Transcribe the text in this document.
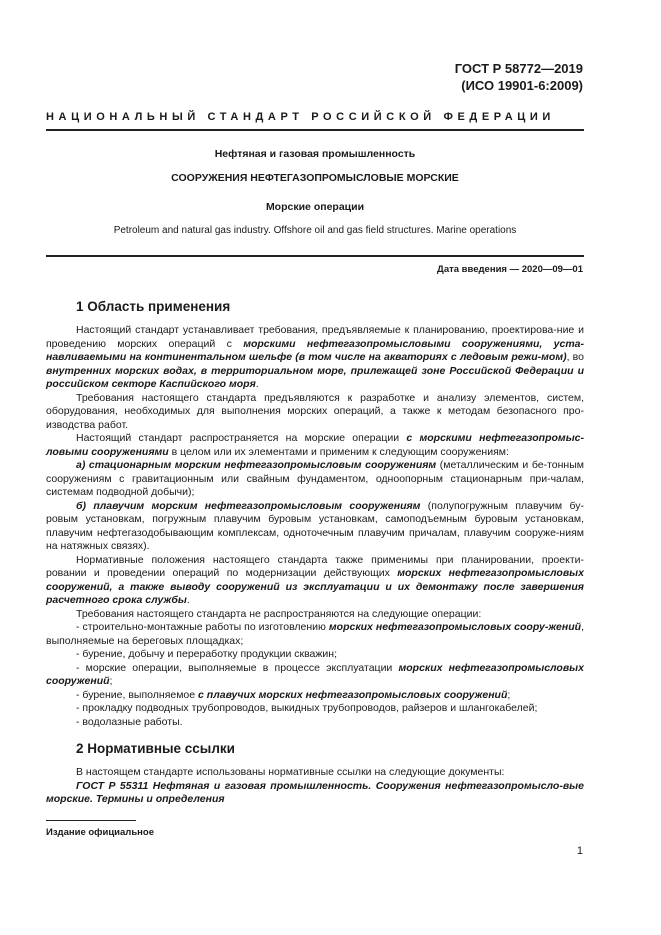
ГОСТ Р 58772—2019
(ИСО 19901-6:2009)
НАЦИОНАЛЬНЫЙ СТАНДАРТ РОССИЙСКОЙ ФЕДЕРАЦИИ
Нефтяная и газовая промышленность
СООРУЖЕНИЯ НЕФТЕГАЗОПРОМЫСЛОВЫЕ МОРСКИЕ
Морские операции
Petroleum and natural gas industry. Offshore oil and gas field structures. Marine operations
Дата введения — 2020—09—01
1 Область применения

Настоящий стандарт устанавливает требования, предъявляемые к планированию, проектирова-ние и проведению морских операций с морскими нефтегазопромысловыми сооружениями, уста-навливаемыми на континентальном шельфе (в том числе на акваториях с ледовым режи-мом), во внутренних морских водах, в территориальном море, прилежащей зоне Российской Федерации и российском секторе Каспийского моря.

Требования настоящего стандарта предъявляются к разработке и анализу элементов, систем, оборудования, необходимых для выполнения морских операций, а также к методам безопасного про-изводства работ.

Настоящий стандарт распространяется на морские операции с морскими нефтегазопромыс-ловыми сооружениями в целом или их элементами и применим к следующим сооружениям:

а) стационарным морским нефтегазопромысловым сооружениям (металлическим и бе-тонным сооружениям с гравитационным или свайным фундаментом, одноопорным стационарным при-чалам, системам подводной добычи);

б) плавучим морским нефтегазопромысловым сооружениям (полупогружным плавучим бу-ровым установкам, погружным плавучим буровым установкам, самоподъемным буровым установкам, плавучим нефтегазодобывающим комплексам, одноточечным плавучим причалам, плавучим сооруже-ниям на натяжных связях).

Нормативные положения настоящего стандарта также применимы при планировании, проекти-ровании и проведении операций по модернизации действующих морских нефтегазопромысловых сооружений, а также выводу сооружений из эксплуатации и их демонтажу после завершения расчетного срока службы.

Требования настоящего стандарта не распространяются на следующие операции:

- строительно-монтажные работы по изготовлению морских нефтегазопромысловых соору-жений, выполняемые на береговых площадках;

- бурение, добычу и переработку продукции скважин;

- морские операции, выполняемые в процессе эксплуатации морских нефтегазопромысловых сооружений;

- бурение, выполняемое с плавучих морских нефтегазопромысловых сооружений;

- прокладку подводных трубопроводов, выкидных трубопроводов, райзеров и шлангокабелей;

- водолазные работы.

2 Нормативные ссылки

В настоящем стандарте использованы нормативные ссылки на следующие документы:

ГОСТ Р 55311 Нефтяная и газовая промышленность. Сооружения нефтегазопромысло-вые морские. Термины и определения

Издание официальное
1
